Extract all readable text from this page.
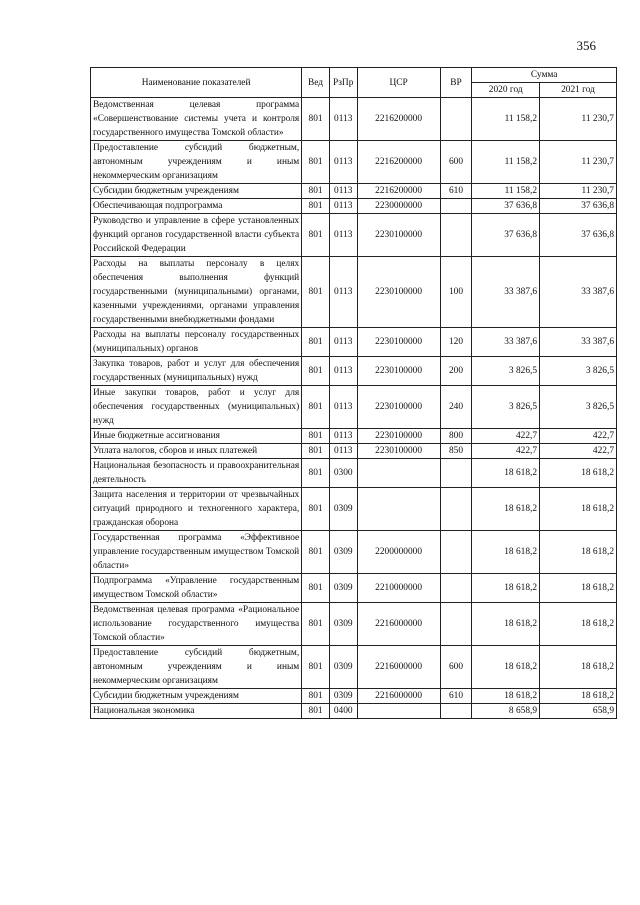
356
Наименование показателей	Вед	РзПр	ЦСР	ВР	Сумма	
					2020 год	2021 год
Ведомственная целевая программа «Совершенствование системы учета и контроля государственного имущества Томской области»	801	0113	2216200000		11 158,2	11 230,7
Предоставление субсидий бюджетным, автономным учреждениям и иным некоммерческим организациям	801	0113	2216200000	600	11 158,2	11 230,7
Субсидии бюджетным учреждениям	801	0113	2216200000	610	11 158,2	11 230,7
Обеспечивающая подпрограмма	801	0113	2230000000		37 636,8	37 636,8
Руководство и управление в сфере установленных функций органов государственной власти субъекта Российской Федерации	801	0113	2230100000		37 636,8	37 636,8
Расходы на выплаты персоналу в целях обеспечения выполнения функций государственными (муниципальными) органами, казенными учреждениями, органами управления государственными внебюджетными фондами	801	0113	2230100000	100	33 387,6	33 387,6
Расходы на выплаты персоналу государственных (муниципальных) органов	801	0113	2230100000	120	33 387,6	33 387,6
Закупка товаров, работ и услуг для обеспечения государственных (муниципальных) нужд	801	0113	2230100000	200	3 826,5	3 826,5
Иные закупки товаров, работ и услуг для обеспечения государственных (муниципальных) нужд	801	0113	2230100000	240	3 826,5	3 826,5
Иные бюджетные ассигнования	801	0113	2230100000	800	422,7	422,7
Уплата налогов, сборов и иных платежей	801	0113	2230100000	850	422,7	422,7
Национальная безопасность и правоохранительная деятельность	801	0300			18 618,2	18 618,2
Защита населения и территории от чрезвычайных ситуаций природного и техногенного характера, гражданская оборона	801	0309			18 618,2	18 618,2
Государственная программа «Эффективное управление государственным имуществом Томской области»	801	0309	2200000000		18 618,2	18 618,2
Подпрограмма «Управление государственным имуществом Томской области»	801	0309	2210000000		18 618,2	18 618,2
Ведомственная целевая программа «Рациональное использование государственного имущества Томской области»	801	0309	2216000000		18 618,2	18 618,2
Предоставление субсидий бюджетным, автономным учреждениям и иным некоммерческим организациям	801	0309	2216000000	600	18 618,2	18 618,2
Субсидии бюджетным учреждениям	801	0309	2216000000	610	18 618,2	18 618,2
Национальная экономика	801	0400			8 658,9	658,9
